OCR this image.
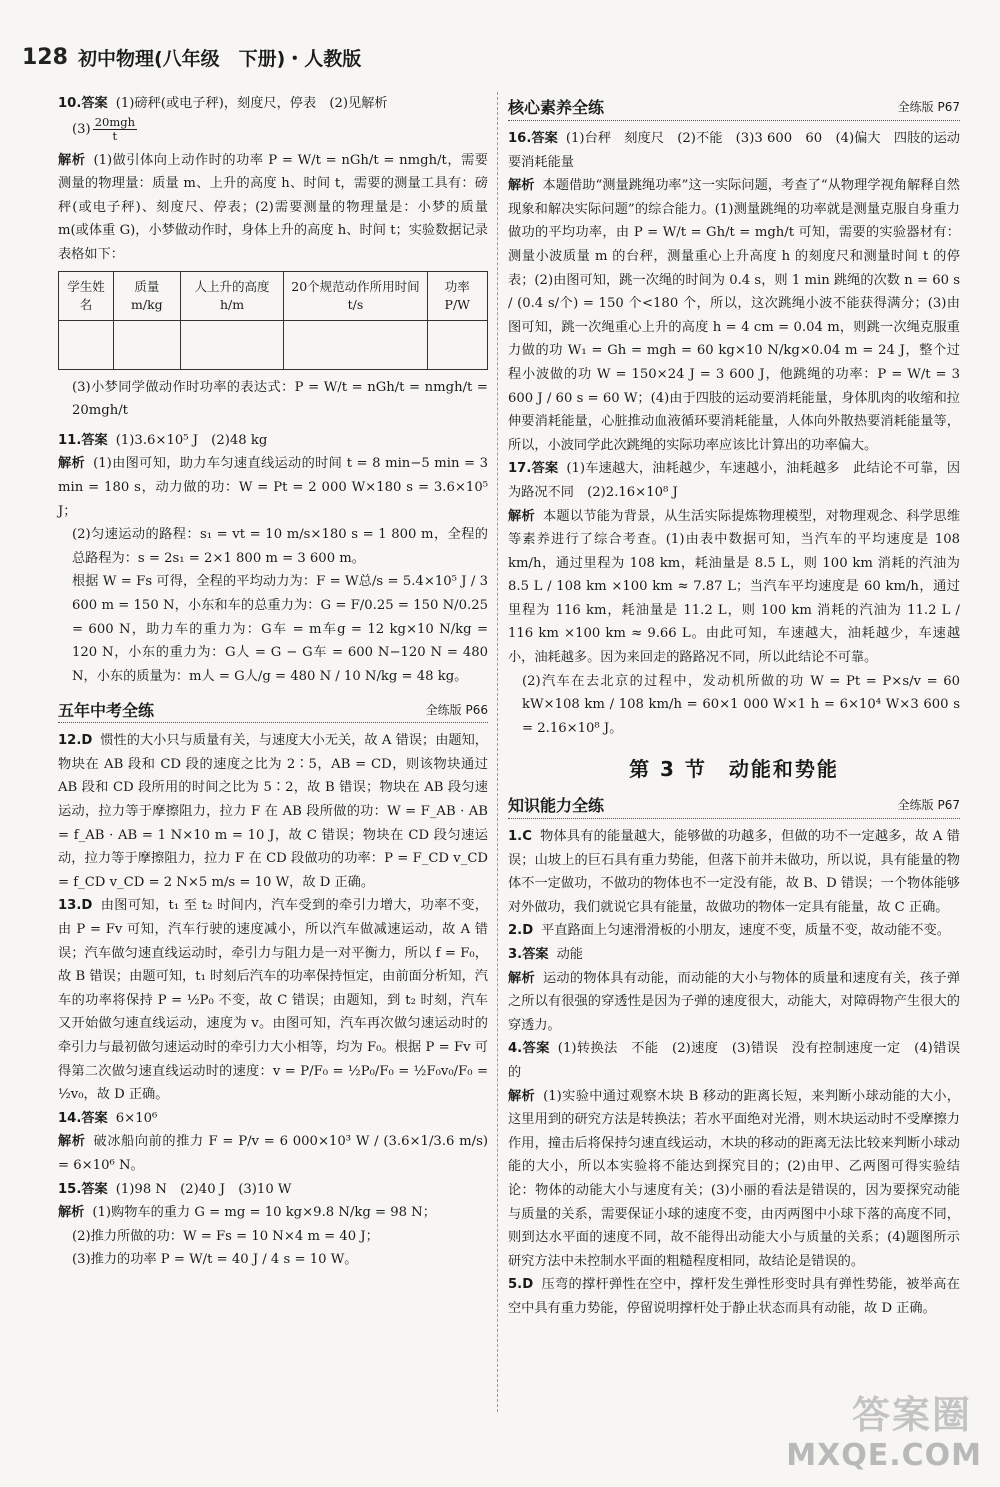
128 初中物理(八年级　下册)・人教版

10.答案 (1)磅秤(或电子秤)，刻度尺，停表　(2)见解析

$(3) \frac{\text{20mgh}}{t}$

解析 (1)做引体向上动作时的功率 P = W/t = nGh/t = nmgh/t，需要测量的物理量：质量 m、上升的高度 h、时间 t，需要的测量工具有：磅秤(或电子秤)、刻度尺、停表；(2)需要测量的物理量是：小梦的质量 m(或体重 G)，小梦做动作时，身体上升的高度 h、时间 t；实验数据记录表格如下：

学生姓名	质量 m/kg	人上升的高度 h/m	20个规范动作所用时间 t/s	功率 P/W

(3)小梦同学做动作时功率的表达式：P = W/t = nGh/t = nmgh/t = 20mgh/t

11.答案 (1)3.6×10⁵ J　(2)48 kg

解析 (1)由图可知，助力车匀速直线运动的时间 t = 8 min−5 min = 3 min = 180 s，动力做的功：W = Pt = 2 000 W×180 s = 3.6×10⁵ J；

(2)匀速运动的路程：s₁ = vt = 10 m/s×180 s = 1 800 m，全程的总路程为：s = 2s₁ = 2×1 800 m = 3 600 m。

根据 W = Fs 可得，全程的平均动力为：F = W总/s = 5.4×10⁵ J / 3 600 m = 150 N，小东和车的总重力为：G = F/0.25 = 150 N/0.25 = 600 N，助力车的重力为：G车 = m车g = 12 kg×10 N/kg = 120 N，小东的重力为：G人 = G − G车 = 600 N−120 N = 480 N，小东的质量为：m人 = G人/g = 480 N / 10 N/kg = 48 kg。

五年中考全练	全练版 P66

12.D 惯性的大小只与质量有关，与速度大小无关，故 A 错误；由题知，物块在 AB 段和 CD 段的速度之比为 2∶5，AB = CD，则该物块通过 AB 段和 CD 段所用的时间之比为 5∶2，故 B 错误；物块在 AB 段匀速运动，拉力等于摩擦阻力，拉力 F 在 AB 段所做的功：W = F_AB · AB = f_AB · AB = 1 N×10 m = 10 J，故 C 错误；物块在 CD 段匀速运动，拉力等于摩擦阻力，拉力 F 在 CD 段做功的功率：P = F_CD v_CD = f_CD v_CD = 2 N×5 m/s = 10 W，故 D 正确。

13.D 由图可知，t₁ 至 t₂ 时间内，汽车受到的牵引力增大，功率不变，由 P = Fv 可知，汽车行驶的速度减小，所以汽车做减速运动，故 A 错误；汽车做匀速直线运动时，牵引力与阻力是一对平衡力，所以 f = F₀，故 B 错误；由题可知，t₁ 时刻后汽车的功率保持恒定，由前面分析知，汽车的功率将保持 P = ½P₀ 不变，故 C 错误；由题知，到 t₂ 时刻，汽车又开始做匀速直线运动，速度为 v。由图可知，汽车再次做匀速运动时的牵引力与最初做匀速运动时的牵引力大小相等，均为 F₀。根据 P = Fv 可得第二次做匀速直线运动时的速度：v = P/F₀ = ½P₀/F₀ = ½F₀v₀/F₀ = ½v₀，故 D 正确。

14.答案 6×10⁶

解析 破冰船向前的推力 F = P/v = 6 000×10³ W / (3.6×1/3.6 m/s) = 6×10⁶ N。

15.答案 (1)98 N　(2)40 J　(3)10 W

解析 (1)购物车的重力 G = mg = 10 kg×9.8 N/kg = 98 N；

(2)推力所做的功：W = Fs = 10 N×4 m = 40 J；

(3)推力的功率 P = W/t = 40 J / 4 s = 10 W。

核心素养全练	全练版 P67

16.答案 (1)台秤　刻度尺　(2)不能　(3)3 600　60　(4)偏大　四肢的运动要消耗能量

解析 本题借助“测量跳绳功率”这一实际问题，考查了“从物理学视角解释自然现象和解决实际问题”的综合能力。(1)测量跳绳的功率就是测量克服自身重力做功的平均功率，由 P = W/t = Gh/t = mgh/t 可知，需要的实验器材有：测量小波质量 m 的台秤，测量重心上升高度 h 的刻度尺和测量时间 t 的停表；(2)由图可知，跳一次绳的时间为 0.4 s，则 1 min 跳绳的次数 n = 60 s / (0.4 s/个) = 150 个<180 个，所以，这次跳绳小波不能获得满分；(3)由图可知，跳一次绳重心上升的高度 h = 4 cm = 0.04 m，则跳一次绳克服重力做的功 W₁ = Gh = mgh = 60 kg×10 N/kg×0.04 m = 24 J，整个过程小波做的功 W = 150×24 J = 3 600 J，他跳绳的功率：P = W/t = 3 600 J / 60 s = 60 W；(4)由于四肢的运动要消耗能量，身体肌肉的收缩和拉伸要消耗能量，心脏推动血液循环要消耗能量，人体向外散热要消耗能量等，所以，小波同学此次跳绳的实际功率应该比计算出的功率偏大。

17.答案 (1)车速越大，油耗越少，车速越小，油耗越多　此结论不可靠，因为路况不同　(2)2.16×10⁸ J

解析 本题以节能为背景，从生活实际提炼物理模型，对物理观念、科学思维等素养进行了综合考查。(1)由表中数据可知，当汽车的平均速度是 108 km/h，通过里程为 108 km，耗油量是 8.5 L，则 100 km 消耗的汽油为 8.5 L / 108 km ×100 km ≈ 7.87 L；当汽车平均速度是 60 km/h，通过里程为 116 km，耗油量是 11.2 L，则 100 km 消耗的汽油为 11.2 L / 116 km ×100 km ≈ 9.66 L。由此可知，车速越大，油耗越少，车速越小，油耗越多。因为来回走的路路况不同，所以此结论不可靠。

(2)汽车在去北京的过程中，发动机所做的功 W = Pt = P×s/v = 60 kW×108 km / 108 km/h = 60×1 000 W×1 h = 6×10⁴ W×3 600 s = 2.16×10⁸ J。

第 3 节　动能和势能
知识能力全练	全练版 P67

1.C 物体具有的能量越大，能够做的功越多，但做的功不一定越多，故 A 错误；山坡上的巨石具有重力势能，但落下前并未做功，所以说，具有能量的物体不一定做功，不做功的物体也不一定没有能，故 B、D 错误；一个物体能够对外做功，我们就说它具有能量，故做功的物体一定具有能量，故 C 正确。

2.D 平直路面上匀速滑滑板的小朋友，速度不变，质量不变，故动能不变。

3.答案 动能

解析 运动的物体具有动能，而动能的大小与物体的质量和速度有关，孩子弹之所以有很强的穿透性是因为子弹的速度很大，动能大，对障碍物产生很大的穿透力。

4.答案 (1)转换法　不能　(2)速度　(3)错误　没有控制速度一定　(4)错误的

解析 (1)实验中通过观察木块 B 移动的距离长短，来判断小球动能的大小，这里用到的研究方法是转换法；若水平面绝对光滑，则木块运动时不受摩擦力作用，撞击后将保持匀速直线运动，木块的移动的距离无法比较来判断小球动能的大小，所以本实验将不能达到探究目的；(2)由甲、乙两图可得实验结论：物体的动能大小与速度有关；(3)小丽的看法是错误的，因为要探究动能与质量的关系，需要保证小球的速度不变，由丙两图中小球下落的高度不同，则到达水平面的速度不同，故不能得出动能大小与质量的关系；(4)题图所示研究方法中未控制水平面的粗糙程度相同，故结论是错误的。

5.D 压弯的撑杆弹性在空中，撑杆发生弹性形变时具有弹性势能，被举高在空中具有重力势能，停留说明撑杆处于静止状态而具有动能，故 D 正确。

答案圈
MXQE.COM
